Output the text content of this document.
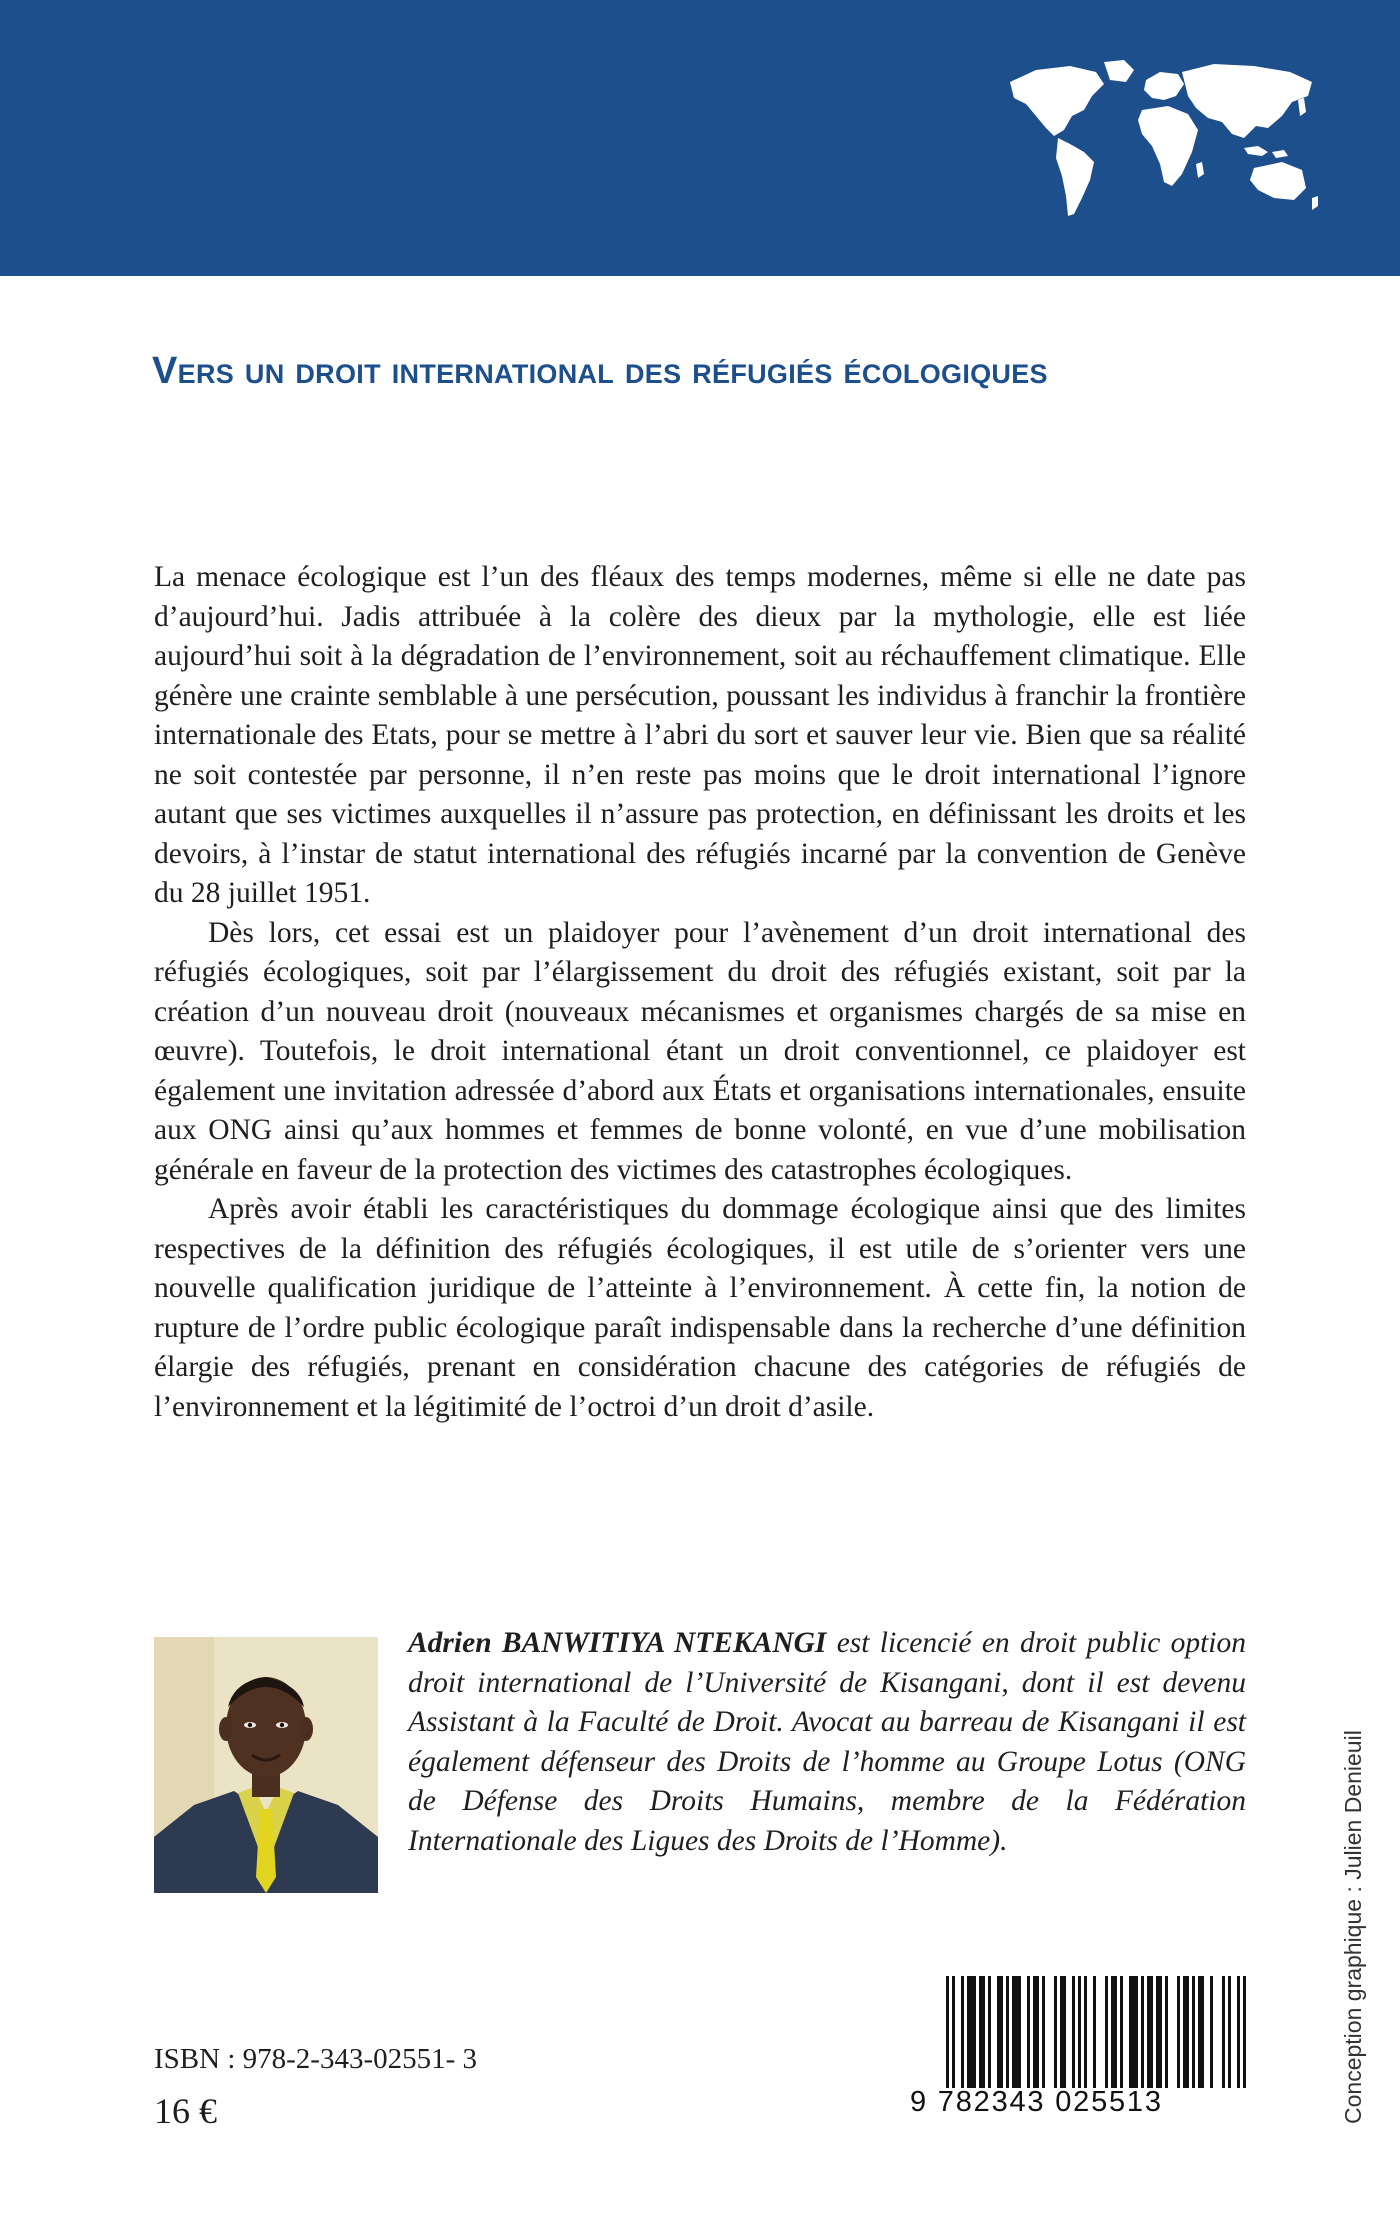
Vers un droit international des réfugiés écologiques

La menace écologique est l’un des fléaux des temps modernes, même si elle ne date pas d’aujourd’hui. Jadis attribuée à la colère des dieux par la mythologie, elle est liée aujourd’hui soit à la dégradation de l’environnement, soit au réchauffement climatique. Elle génère une crainte semblable à une persécution, poussant les individus à franchir la frontière internationale des Etats, pour se mettre à l’abri du sort et sauver leur vie. Bien que sa réalité ne soit contestée par personne, il n’en reste pas moins que le droit international l’ignore autant que ses victimes auxquelles il n’assure pas protection, en définissant les droits et les devoirs, à l’instar de statut international des réfugiés incarné par la convention de Genève du 28 juillet 1951.

Dès lors, cet essai est un plaidoyer pour l’avènement d’un droit international des réfugiés écologiques, soit par l’élargissement du droit des réfugiés existant, soit par la création d’un nouveau droit (nouveaux mécanismes et organismes chargés de sa mise en œuvre). Toutefois, le droit international étant un droit conventionnel, ce plaidoyer est également une invitation adressée d’abord aux États et organisations internationales, ensuite aux ONG ainsi qu’aux hommes et femmes de bonne volonté, en vue d’une mobilisation générale en faveur de la protection des victimes des catastrophes écologiques.

Après avoir établi les caractéristiques du dommage écologique ainsi que des limites respectives de la définition des réfugiés écologiques, il est utile de s’orienter vers une nouvelle qualification juridique de l’atteinte à l’environnement. À cette fin, la notion de rupture de l’ordre public écologique paraît indispensable dans la recherche d’une définition élargie des réfugiés, prenant en considération chacune des catégories de réfugiés de l’environnement et la légitimité de l’octroi d’un droit d’asile.

Adrien BANWITIYA NTEKANGI est licencié en droit public option droit international de l’Université de Kisangani, dont il est devenu Assistant à la Faculté de Droit. Avocat au barreau de Kisangani il est également défenseur des Droits de l’homme au Groupe Lotus (ONG de Défense des Droits Humains, membre de la Fédération Internationale des Ligues des Droits de l’Homme).

ISBN : 978-2-343-02551- 3
16 €	9 782343 025513	Conception graphique : Julien Denieuil
